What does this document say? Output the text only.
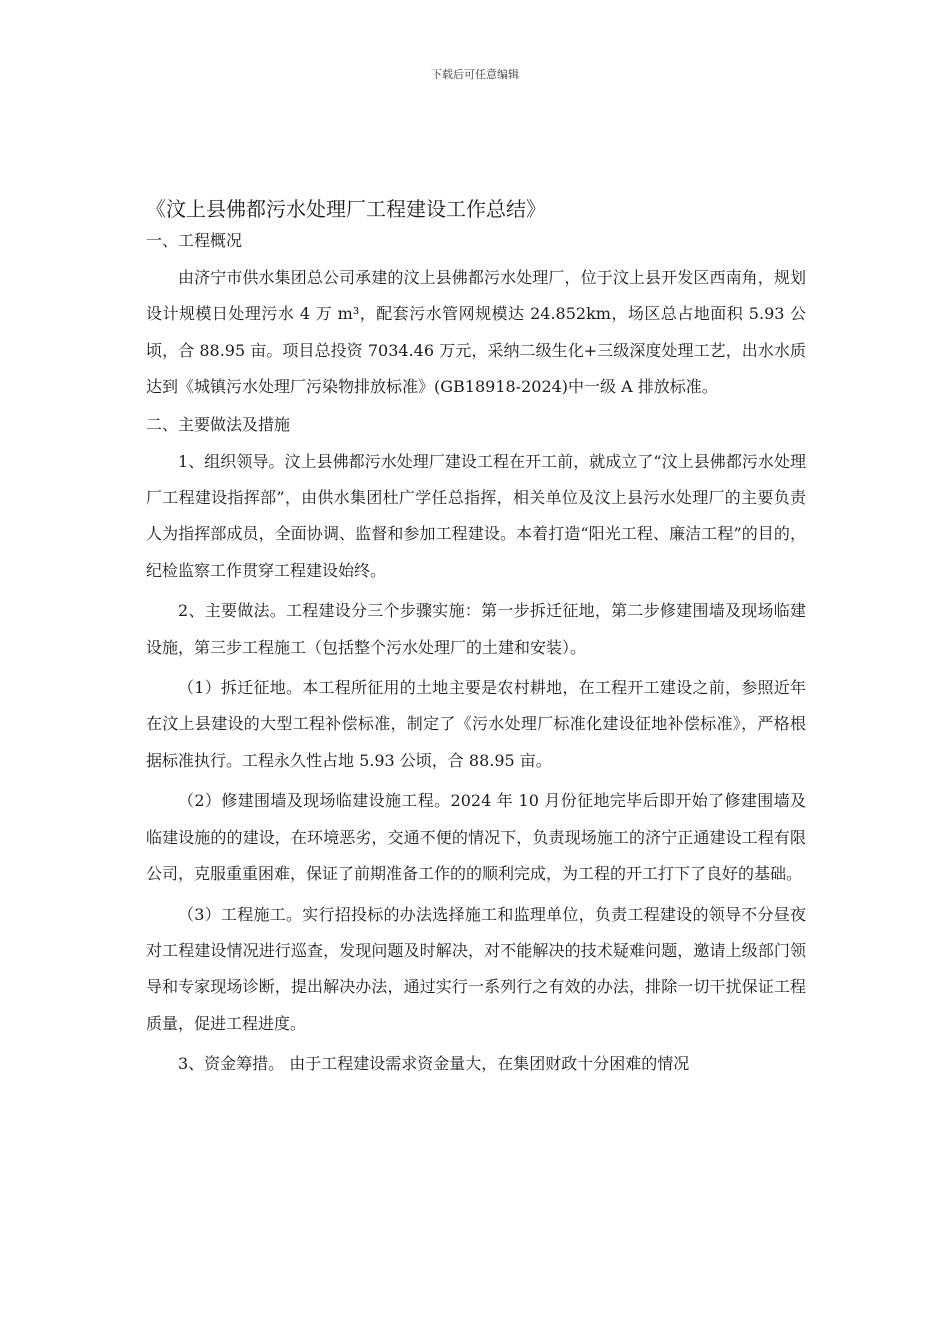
下载后可任意编辑
《汶上县佛都污水处理厂工程建设工作总结》
一、工程概况

由济宁市供水集团总公司承建的汶上县佛都污水处理厂，位于汶上县开发区西南角，规划设计规模日处理污水 4 万 m³，配套污水管网规模达 24.852km，场区总占地面积 5.93 公顷，合 88.95 亩。项目总投资 7034.46 万元，采纳二级生化+三级深度处理工艺，出水水质达到《城镇污水处理厂污染物排放标准》(GB18918-2024)中一级 A 排放标准。

二、主要做法及措施

1、组织领导。汶上县佛都污水处理厂建设工程在开工前，就成立了“汶上县佛都污水处理厂工程建设指挥部”，由供水集团杜广学任总指挥，相关单位及汶上县污水处理厂的主要负责人为指挥部成员，全面协调、监督和参加工程建设。本着打造“阳光工程、廉洁工程”的目的，纪检监察工作贯穿工程建设始终。

2、主要做法。工程建设分三个步骤实施：第一步拆迁征地，第二步修建围墙及现场临建设施，第三步工程施工（包括整个污水处理厂的土建和安装）。

（1）拆迁征地。本工程所征用的土地主要是农村耕地，在工程开工建设之前，参照近年在汶上县建设的大型工程补偿标准，制定了《污水处理厂标准化建设征地补偿标准》，严格根据标准执行。工程永久性占地 5.93 公顷，合 88.95 亩。

（2）修建围墙及现场临建设施工程。2024 年 10 月份征地完毕后即开始了修建围墙及临建设施的的建设，在环境恶劣，交通不便的情况下，负责现场施工的济宁正通建设工程有限公司，克服重重困难，保证了前期准备工作的的顺利完成，为工程的开工打下了良好的基础。

（3）工程施工。实行招投标的办法选择施工和监理单位，负责工程建设的领导不分昼夜对工程建设情况进行巡查，发现问题及时解决，对不能解决的技术疑难问题，邀请上级部门领导和专家现场诊断，提出解决办法，通过实行一系列行之有效的办法，排除一切干扰保证工程质量，促进工程进度。

3、资金筹措。 由于工程建设需求资金量大，在集团财政十分困难的情况
